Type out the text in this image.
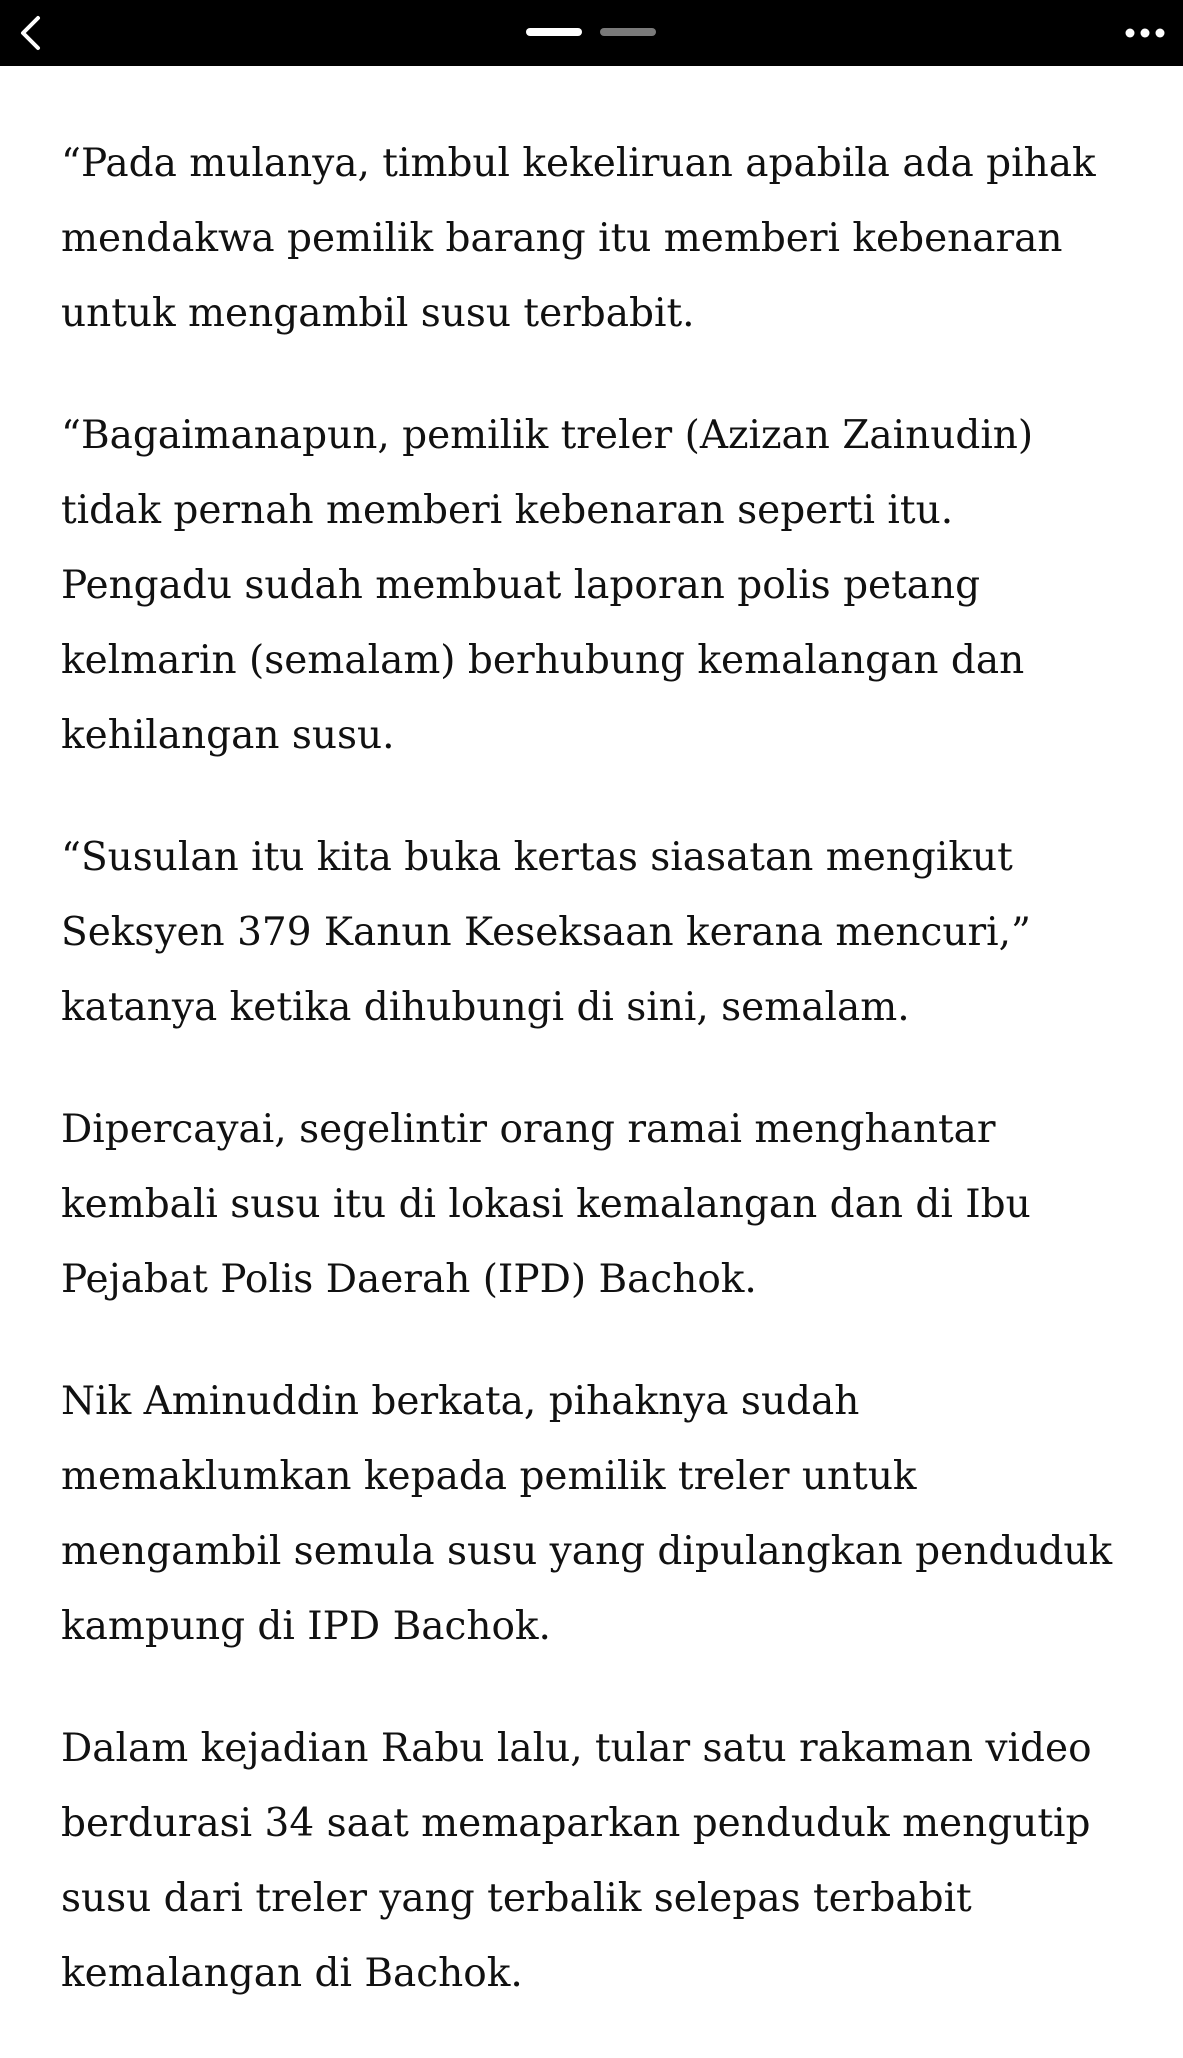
“Pada mulanya, timbul kekeliruan apabila ada pihak
mendakwa pemilik barang itu memberi kebenaran
untuk mengambil susu terbabit.

“Bagaimanapun, pemilik treler (Azizan Zainudin)
tidak pernah memberi kebenaran seperti itu.
Pengadu sudah membuat laporan polis petang
kelmarin (semalam) berhubung kemalangan dan
kehilangan susu.

“Susulan itu kita buka kertas siasatan mengikut
Seksyen 379 Kanun Keseksaan kerana mencuri,”
katanya ketika dihubungi di sini, semalam.

Dipercayai, segelintir orang ramai menghantar
kembali susu itu di lokasi kemalangan dan di Ibu
Pejabat Polis Daerah (IPD) Bachok.

Nik Aminuddin berkata, pihaknya sudah
memaklumkan kepada pemilik treler untuk
mengambil semula susu yang dipulangkan penduduk
kampung di IPD Bachok.

Dalam kejadian Rabu lalu, tular satu rakaman video
berdurasi 34 saat memaparkan penduduk mengutip
susu dari treler yang terbalik selepas terbabit
kemalangan di Bachok.
